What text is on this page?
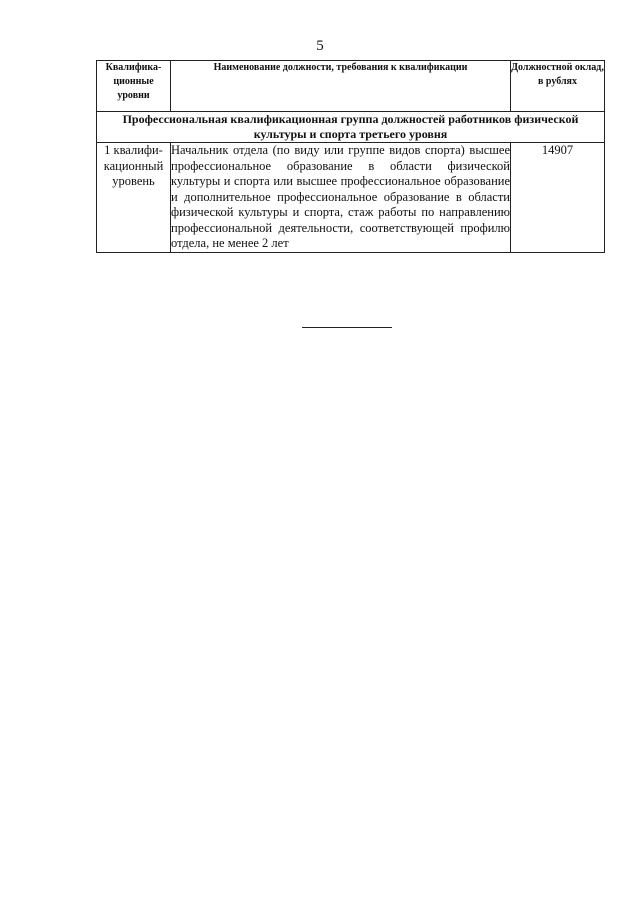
5
Квалифика-ционные уровни	Наименование должности, требования к квалификации	Должностной оклад, в рублях
Профессиональная квалификационная группа должностей работников физической культуры и спорта третьего уровня		
1 квалифи-кационный уровень	Начальник отдела (по виду или группе видов спорта) высшее профессиональное образование в области физической культуры и спорта или высшее профессиональное образование и дополнительное профессиональное образование в области физической культуры и спорта, стаж работы по направлению профессиональной деятельности, соответствующей профилю отдела, не менее 2 лет	14907
